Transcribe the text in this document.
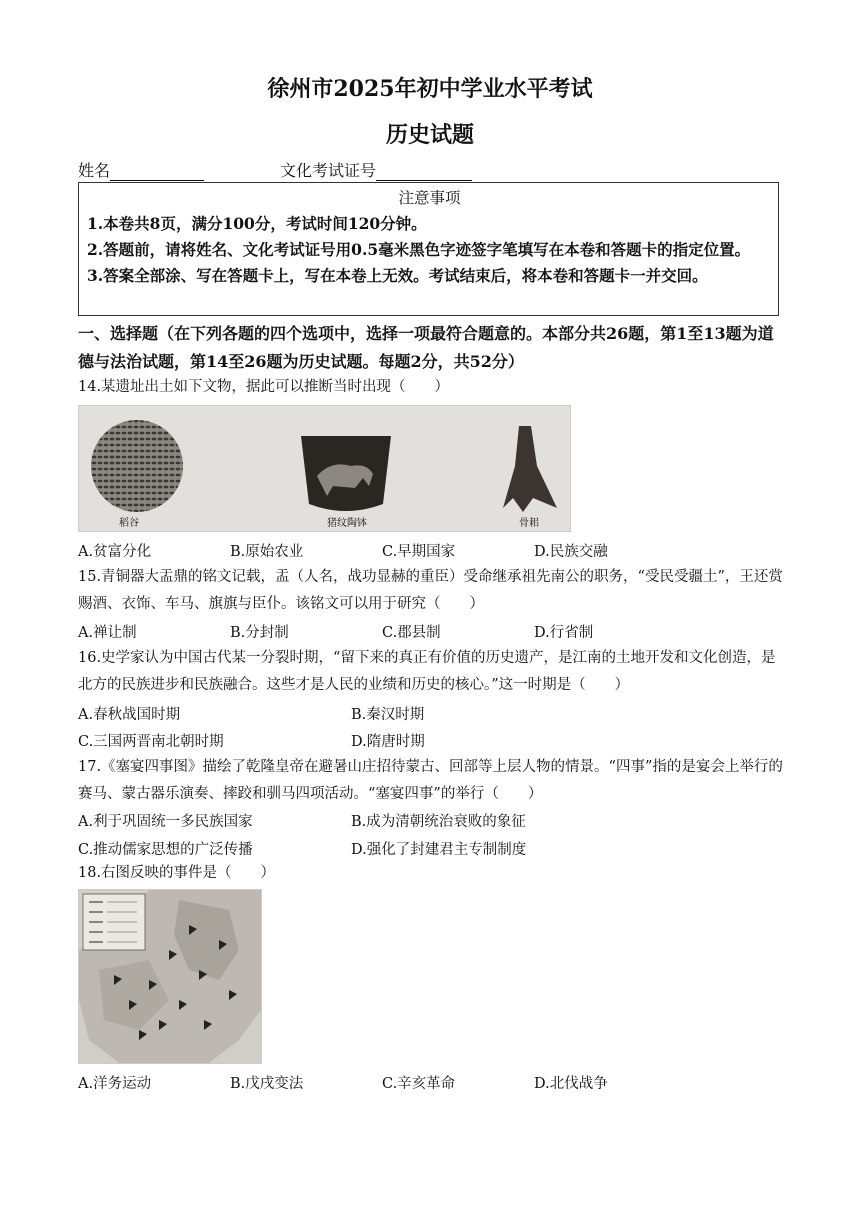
徐州市2025年初中学业水平考试
历史试题
姓名	文化考试证号
注意事项
1.本卷共8页，满分100分，考试时间120分钟。
2.答题前，请将姓名、文化考试证号用0.5毫米黑色字迹签字笔填写在本卷和答题卡的指定位置。
3.答案全部涂、写在答题卡上，写在本卷上无效。考试结束后，将本卷和答题卡一并交回。
一、选择题（在下列各题的四个选项中，选择一项最符合题意的。本部分共26题，第1至13题为道德与法治试题，第14至26题为历史试题。每题2分，共52分）
14.某遗址出土如下文物，据此可以推断当时出现（　　）
稻谷	猪纹陶钵	骨耜
A.贫富分化	B.原始农业	C.早期国家	D.民族交融
15.青铜器大盂鼎的铭文记载，盂（人名，战功显赫的重臣）受命继承祖先南公的职务，“受民受疆土”，王还赏赐酒、衣饰、车马、旗旗与臣仆。该铭文可以用于研究（　　）
A.禅让制	B.分封制	C.郡县制	D.行省制
16.史学家认为中国古代某一分裂时期，“留下来的真正有价值的历史遗产，是江南的土地开发和文化创造，是北方的民族进步和民族融合。这些才是人民的业绩和历史的核心。”这一时期是（　　）
A.春秋战国时期	B.秦汉时期
C.三国两晋南北朝时期	D.隋唐时期
17.《塞宴四事图》描绘了乾隆皇帝在避暑山庄招待蒙古、回部等上层人物的情景。“四事”指的是宴会上举行的赛马、蒙古器乐演奏、摔跤和驯马四项活动。“塞宴四事”的举行（　　）
A.利于巩固统一多民族国家	B.成为清朝统治衰败的象征
C.推动儒家思想的广泛传播	D.强化了封建君主专制制度
18.右图反映的事件是（　　）
A.洋务运动	B.戊戌变法	C.辛亥革命	D.北伐战争
